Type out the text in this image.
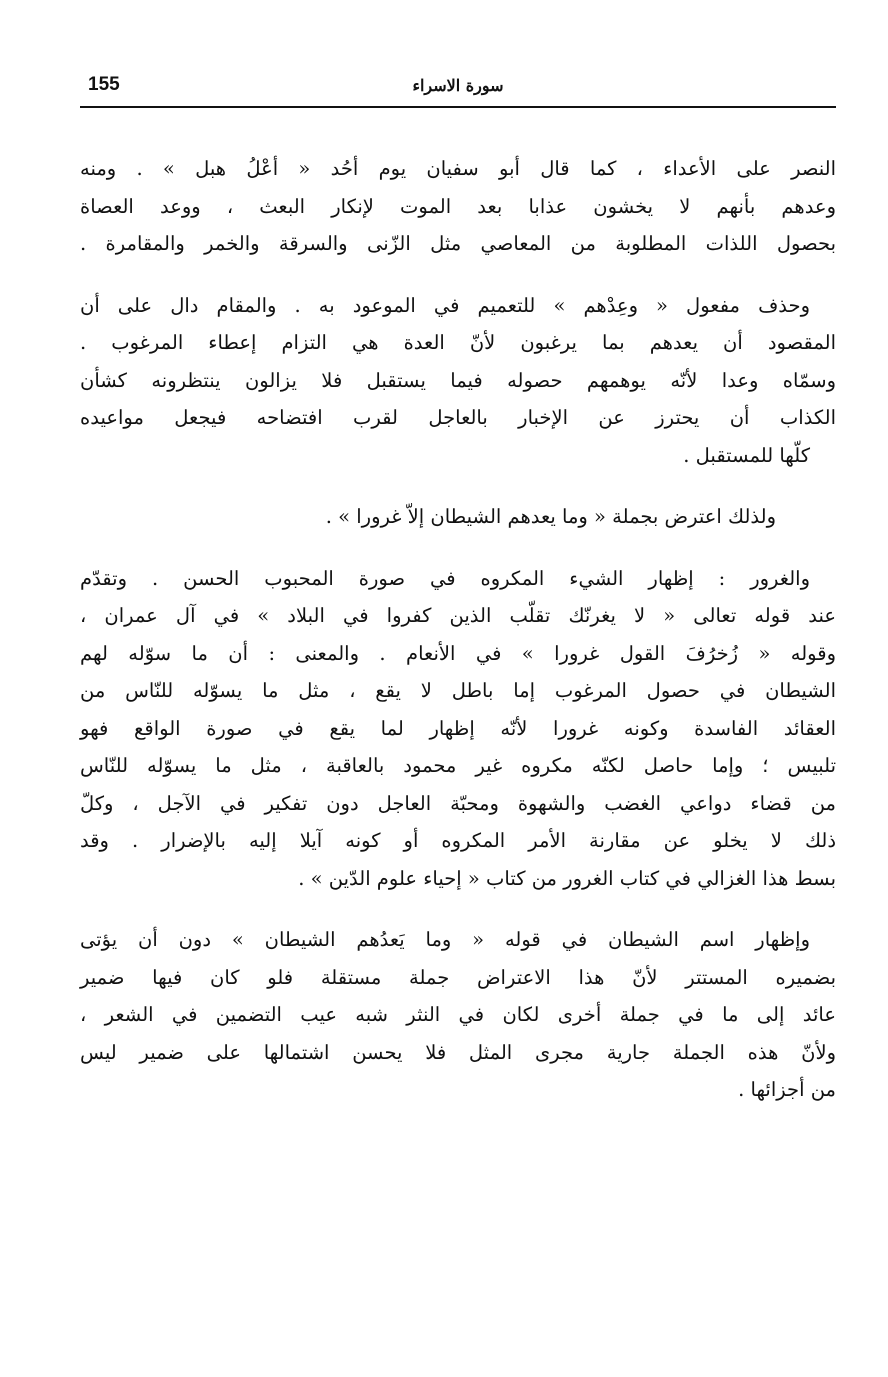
155	سورة الاسراء

النصر على الأعداء ، كما قال أبو سفيان يوم أحُد « أعْلُ هبل » . ومنه
وعدهم بأنهم لا يخشون عذابا بعد الموت لإنكار البعث ، ووعد العصاة
بحصول اللذات المطلوبة من المعاصي مثل الزّنى والسرقة والخمر والمقامرة .

وحذف مفعول « وعِدْهم » للتعميم في الموعود به . والمقام دال على أن
المقصود أن يعدهم بما يرغبون لأنّ العدة هي التزام إعطاء المرغوب .
وسمّاه وعدا لأنّه يوهمهم حصوله فيما يستقبل فلا يزالون ينتظرونه كشأن
الكذاب أن يحترز عن الإخبار بالعاجل لقرب افتضاحه فيجعل مواعيده
كلّها للمستقبل .

ولذلك اعترض بجملة « وما يعدهم الشيطان إلاّ غرورا » .

والغرور : إظهار الشيء المكروه في صورة المحبوب الحسن . وتقدّم
عند قوله تعالى « لا يغرنّك تقلّب الذين كفروا في البلاد » في آل عمران ،
وقوله « زُخرُفَ القول غرورا » في الأنعام . والمعنى : أن ما سوّله لهم
الشيطان في حصول المرغوب إما باطل لا يقع ، مثل ما يسوّله للنّاس من
العقائد الفاسدة وكونه غرورا لأنّه إظهار لما يقع في صورة الواقع فهو
تلبيس ؛ وإما حاصل لكنّه مكروه غير محمود بالعاقبة ، مثل ما يسوّله للنّاس
من قضاء دواعي الغضب والشهوة ومحبّة العاجل دون تفكير في الآجل ، وكلّ
ذلك لا يخلو عن مقارنة الأمر المكروه أو كونه آيلا إليه بالإضرار . وقد
بسط هذا الغزالي في كتاب الغرور من كتاب « إحياء علوم الدّين » .

وإظهار اسم الشيطان في قوله « وما يَعدُهم الشيطان » دون أن يؤتى
بضميره المستتر لأنّ هذا الاعتراض جملة مستقلة فلو كان فيها ضمير
عائد إلى ما في جملة أخرى لكان في النثر شبه عيب التضمين في الشعر ،
ولأنّ هذه الجملة جارية مجرى المثل فلا يحسن اشتمالها على ضمير ليس
من أجزائها .
